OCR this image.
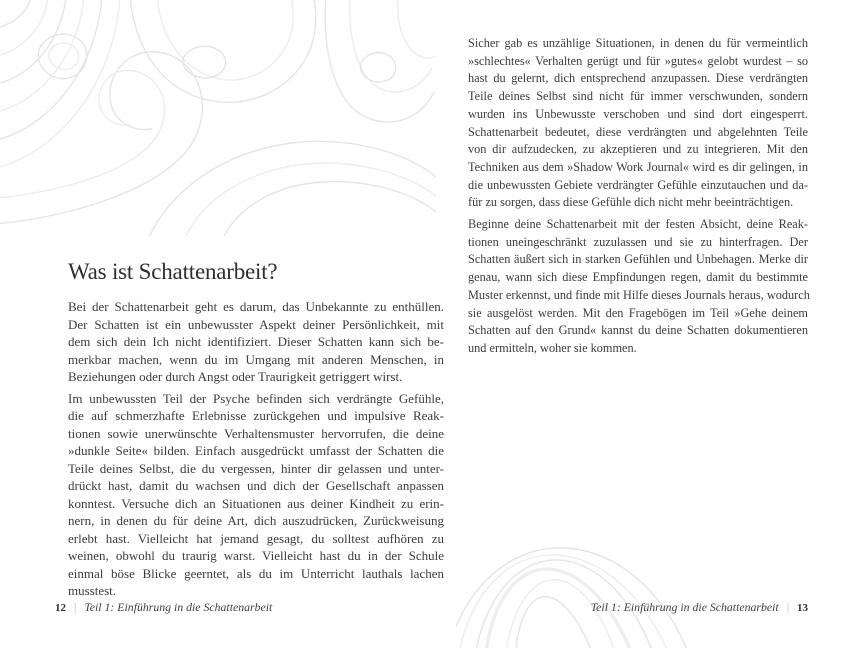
Was ist Schattenarbeit?
Bei der Schattenarbeit geht es darum, das Unbekannte zu enthüllen.
Der Schatten ist ein unbewusster Aspekt deiner Persönlichkeit, mit
dem sich dein Ich nicht identifiziert. Dieser Schatten kann sich be-
merkbar machen, wenn du im Umgang mit anderen Menschen, in
Beziehungen oder durch Angst oder Traurigkeit getriggert wirst.
Im unbewussten Teil der Psyche befinden sich verdrängte Gefühle,
die auf schmerzhafte Erlebnisse zurückgehen und impulsive Reak-
tionen sowie unerwünschte Verhaltensmuster hervorrufen, die deine
»dunkle Seite« bilden. Einfach ausgedrückt umfasst der Schatten die
Teile deines Selbst, die du vergessen, hinter dir gelassen und unter-
drückt hast, damit du wachsen und dich der Gesellschaft anpassen
konntest. Versuche dich an Situationen aus deiner Kindheit zu erin-
nern, in denen du für deine Art, dich auszudrücken, Zurückweisung
erlebt hast. Vielleicht hat jemand gesagt, du solltest aufhören zu
weinen, obwohl du traurig warst. Vielleicht hast du in der Schule
einmal böse Blicke geerntet, als du im Unterricht lauthals lachen
musstest.
12 | Teil 1: Einführung in die Schattenarbeit
Sicher gab es unzählige Situationen, in denen du für vermeintlich
»schlechtes« Verhalten gerügt und für »gutes« gelobt wurdest – so
hast du gelernt, dich entsprechend anzupassen. Diese verdrängten
Teile deines Selbst sind nicht für immer verschwunden, sondern
wurden ins Unbewusste verschoben und sind dort eingesperrt.
Schattenarbeit bedeutet, diese verdrängten und abgelehnten Teile
von dir aufzudecken, zu akzeptieren und zu integrieren. Mit den
Techniken aus dem »Shadow Work Journal« wird es dir gelingen, in
die unbewussten Gebiete verdrängter Gefühle einzutauchen und da-
für zu sorgen, dass diese Gefühle dich nicht mehr beeinträchtigen.
Beginne deine Schattenarbeit mit der festen Absicht, deine Reak-
tionen uneingeschränkt zuzulassen und sie zu hinterfragen. Der
Schatten äußert sich in starken Gefühlen und Unbehagen. Merke dir
genau, wann sich diese Empfindungen regen, damit du bestimmte
Muster erkennst, und finde mit Hilfe dieses Journals heraus, wodurch
sie ausgelöst werden. Mit den Fragebögen im Teil »Gehe deinem
Schatten auf den Grund« kannst du deine Schatten dokumentieren
und ermitteln, woher sie kommen.
Teil 1: Einführung in die Schattenarbeit | 13
